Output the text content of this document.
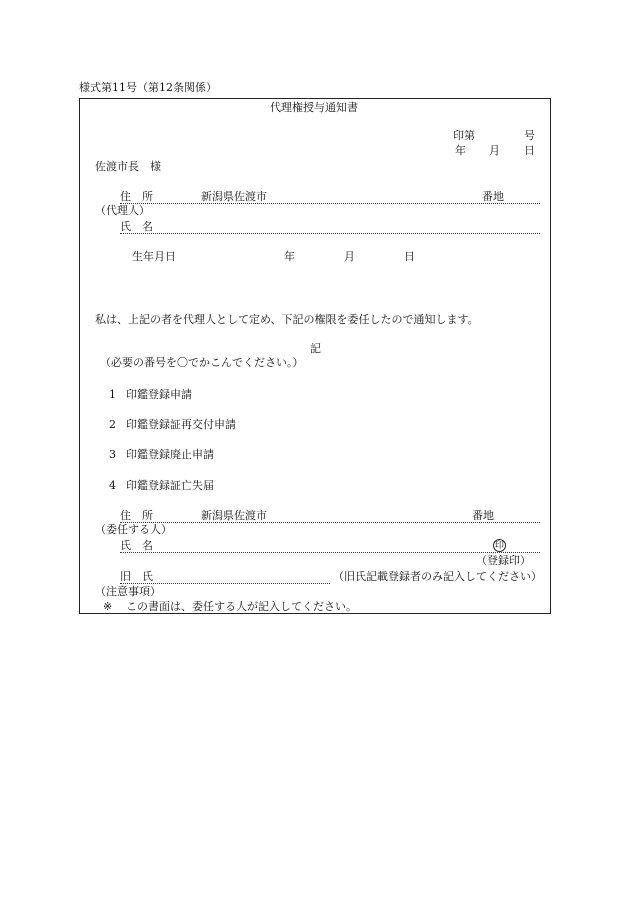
様式第11号（第12条関係）
代理権授与通知書
印第	号
年 月 日
佐渡市長　様
住　所	新潟県佐渡市	番地
（代理人）
氏　名
生年月日	年	月	日
私は、上記の者を代理人として定め、下記の権限を委任したので通知します。
記
（必要の番号を〇でかこんでください。）
1 印鑑登録申請
2 印鑑登録証再交付申請
3 印鑑登録廃止申請
4 印鑑登録証亡失届
住　所	新潟県佐渡市	番地
（委任する人）
氏　名	印
（登録印）
旧　氏	（旧氏記載登録者のみ記入してください）
（注意事項）
※ この書面は、委任する人が記入してください。
